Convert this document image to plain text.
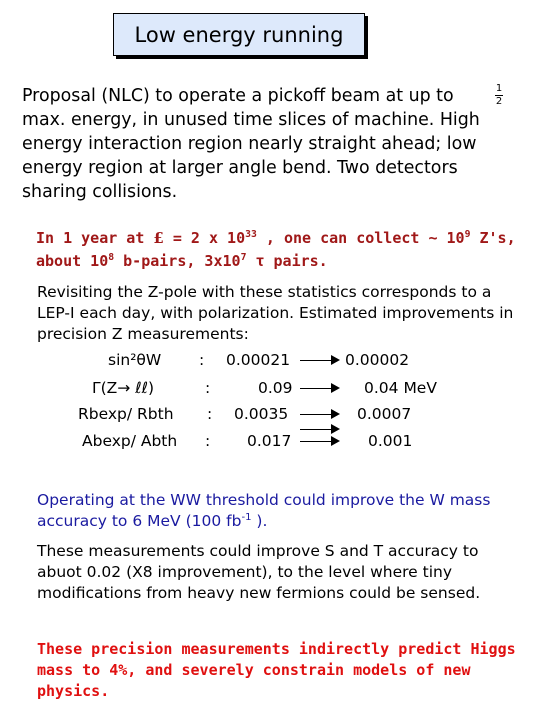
Low energy running

Proposal (NLC) to operate a pickoff beam at up to
max. energy, in unused time slices of machine. High energy interaction region nearly straight ahead; low energy region at larger angle bend. Two detectors sharing collisions.

1
2

In 1 year at £ = 2 x $10^{33}$ , one can collect ~ $10^9$ Z's,
about $10^8$ b-pairs, $3x10^7$ τ pairs.

Revisiting the Z-pole with these statistics corresponds to a LEP-I each day, with polarization. Estimated improvements in precision Z measurements:

sin²θW : 0.00021	0.00002
Γ(Z→ ℓℓ)	:	0.09	0.04 MeV
Rbexp/ Rbth : 0.0035	0.0007
Abexp/ Abth : 0.017	0.001

Operating at the WW threshold could improve the W mass accuracy to 6 MeV (100 $fb^{-1}$ ).

These measurements could improve S and T accuracy to abuot 0.02 (X8 improvement), to the level where tiny modifications from heavy new fermions could be sensed.

These precision measurements indirectly predict Higgs mass to 4%, and severely constrain models of new physics.
